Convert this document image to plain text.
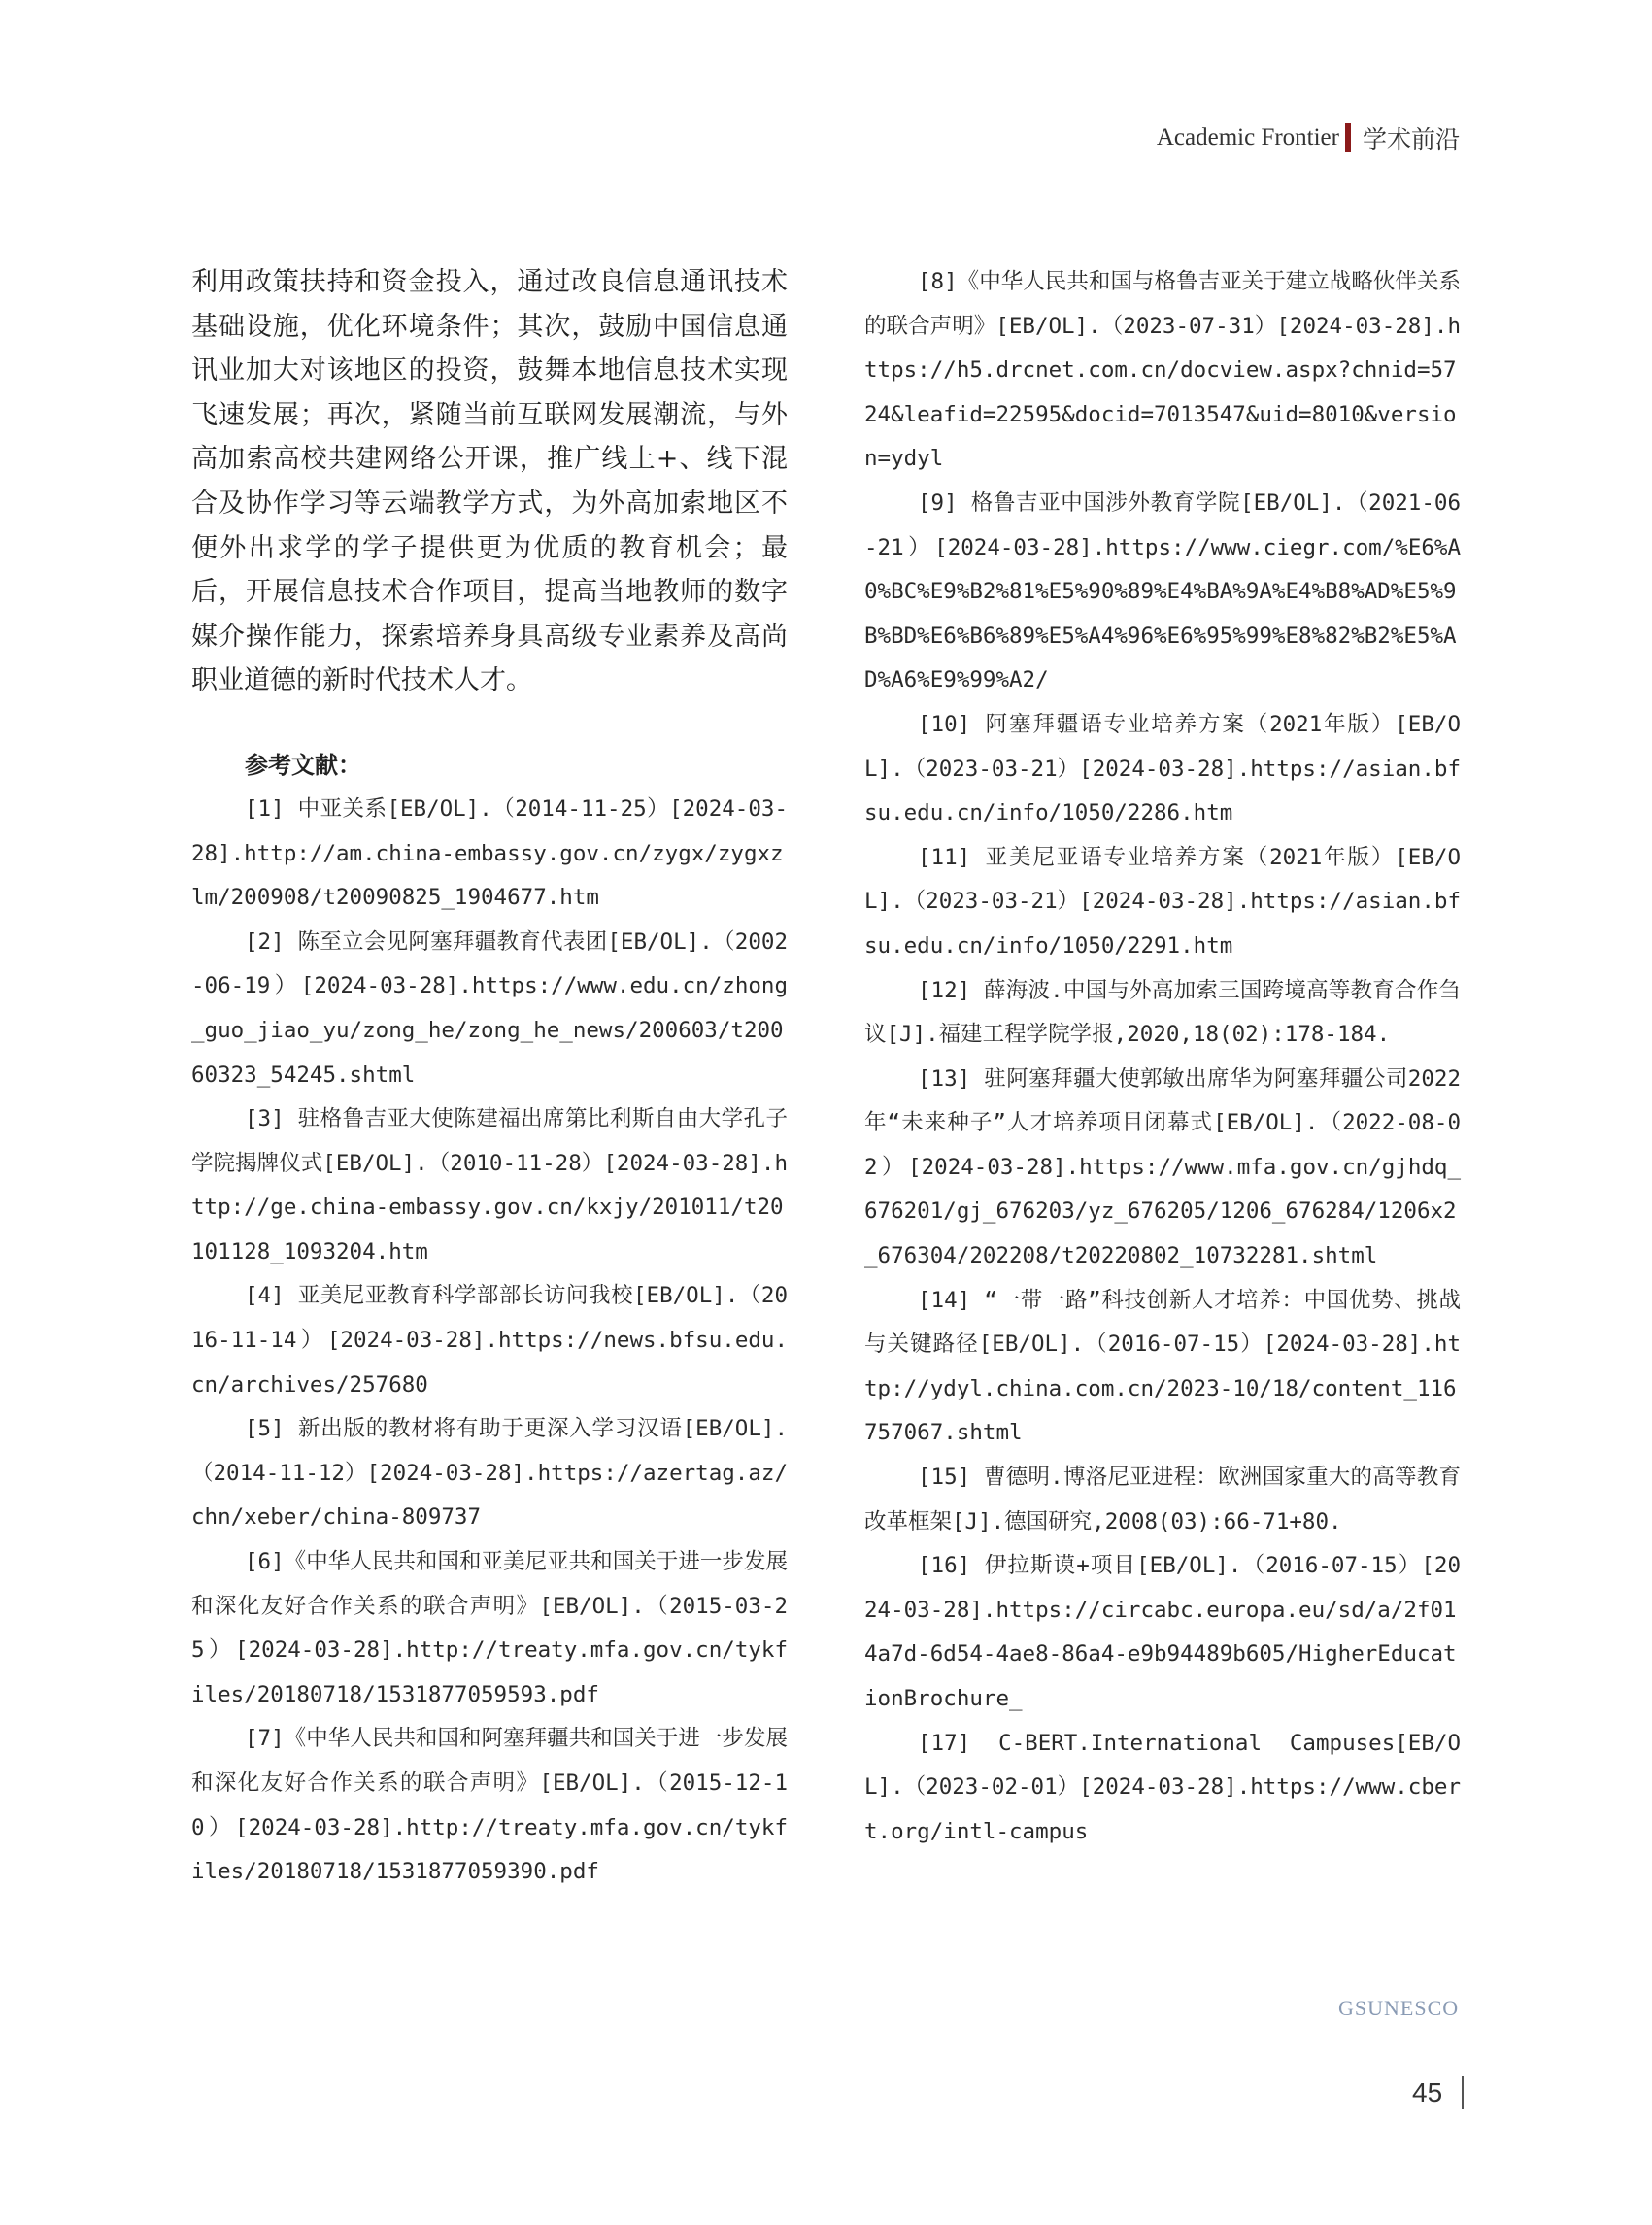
Academic Frontier 学术前沿

利用政策扶持和资金投入，通过改良信息通讯技术基础设施，优化环境条件；其次，鼓励中国信息通讯业加大对该地区的投资，鼓舞本地信息技术实现飞速发展；再次，紧随当前互联网发展潮流，与外高加索高校共建网络公开课，推广线上+、线下混合及协作学习等云端教学方式，为外高加索地区不便外出求学的学子提供更为优质的教育机会；最后，开展信息技术合作项目，提高当地教师的数字媒介操作能力，探索培养身具高级专业素养及高尚职业道德的新时代技术人才。

参考文献：

[1] 中亚关系[EB/OL].（2014-11-25）[2024-03-28].http://am.china-embassy.gov.cn/zygx/zygxzlm/200908/t20090825_1904677.htm

[2] 陈至立会见阿塞拜疆教育代表团[EB/OL].（2002-06-19）[2024-03-28].https://www.edu.cn/zhong_guo_jiao_yu/zong_he/zong_he_news/200603/t20060323_54245.shtml

[3] 驻格鲁吉亚大使陈建福出席第比利斯自由大学孔子学院揭牌仪式[EB/OL].（2010-11-28）[2024-03-28].http://ge.china-embassy.gov.cn/kxjy/201011/t20101128_1093204.htm

[4] 亚美尼亚教育科学部部长访问我校[EB/OL].（2016-11-14）[2024-03-28].https://news.bfsu.edu.cn/archives/257680

[5] 新出版的教材将有助于更深入学习汉语[EB/OL].（2014-11-12）[2024-03-28].https://azertag.az/chn/xeber/china-809737

[6]《中华人民共和国和亚美尼亚共和国关于进一步发展和深化友好合作关系的联合声明》[EB/OL].（2015-03-25）[2024-03-28].http://treaty.mfa.gov.cn/tykfiles/20180718/1531877059593.pdf

[7]《中华人民共和国和阿塞拜疆共和国关于进一步发展和深化友好合作关系的联合声明》[EB/OL].（2015-12-10）[2024-03-28].http://treaty.mfa.gov.cn/tykfiles/20180718/1531877059390.pdf

[8]《中华人民共和国与格鲁吉亚关于建立战略伙伴关系的联合声明》[EB/OL].（2023-07-31）[2024-03-28].https://h5.drcnet.com.cn/docview.aspx?chnid=5724&leafid=22595&docid=7013547&uid=8010&version=ydyl

[9] 格鲁吉亚中国涉外教育学院[EB/OL].（2021-06-21）[2024-03-28].https://www.ciegr.com/%E6%A0%BC%E9%B2%81%E5%90%89%E4%BA%9A%E4%B8%AD%E5%9B%BD%E6%B6%89%E5%A4%96%E6%95%99%E8%82%B2%E5%AD%A6%E9%99%A2/

[10] 阿塞拜疆语专业培养方案（2021年版）[EB/OL].（2023-03-21）[2024-03-28].https://asian.bfsu.edu.cn/info/1050/2286.htm

[11] 亚美尼亚语专业培养方案（2021年版）[EB/OL].（2023-03-21）[2024-03-28].https://asian.bfsu.edu.cn/info/1050/2291.htm

[12] 薛海波.中国与外高加索三国跨境高等教育合作刍议[J].福建工程学院学报,2020,18(02):178-184.

[13] 驻阿塞拜疆大使郭敏出席华为阿塞拜疆公司2022年“未来种子”人才培养项目闭幕式[EB/OL].（2022-08-02）[2024-03-28].https://www.mfa.gov.cn/gjhdq_676201/gj_676203/yz_676205/1206_676284/1206x2_676304/202208/t20220802_10732281.shtml

[14] “一带一路”科技创新人才培养：中国优势、挑战与关键路径[EB/OL].（2016-07-15）[2024-03-28].http://ydyl.china.com.cn/2023-10/18/content_116757067.shtml

[15] 曹德明.博洛尼亚进程：欧洲国家重大的高等教育改革框架[J].德国研究,2008(03):66-71+80.

[16] 伊拉斯谟+项目[EB/OL].（2016-07-15）[2024-03-28].https://circabc.europa.eu/sd/a/2f014a7d-6d54-4ae8-86a4-e9b94489b605/HigherEducationBrochure_

[17] C-BERT.International Campuses[EB/OL].（2023-02-01）[2024-03-28].https://www.cbert.org/intl-campus

GSUNESCO
45
